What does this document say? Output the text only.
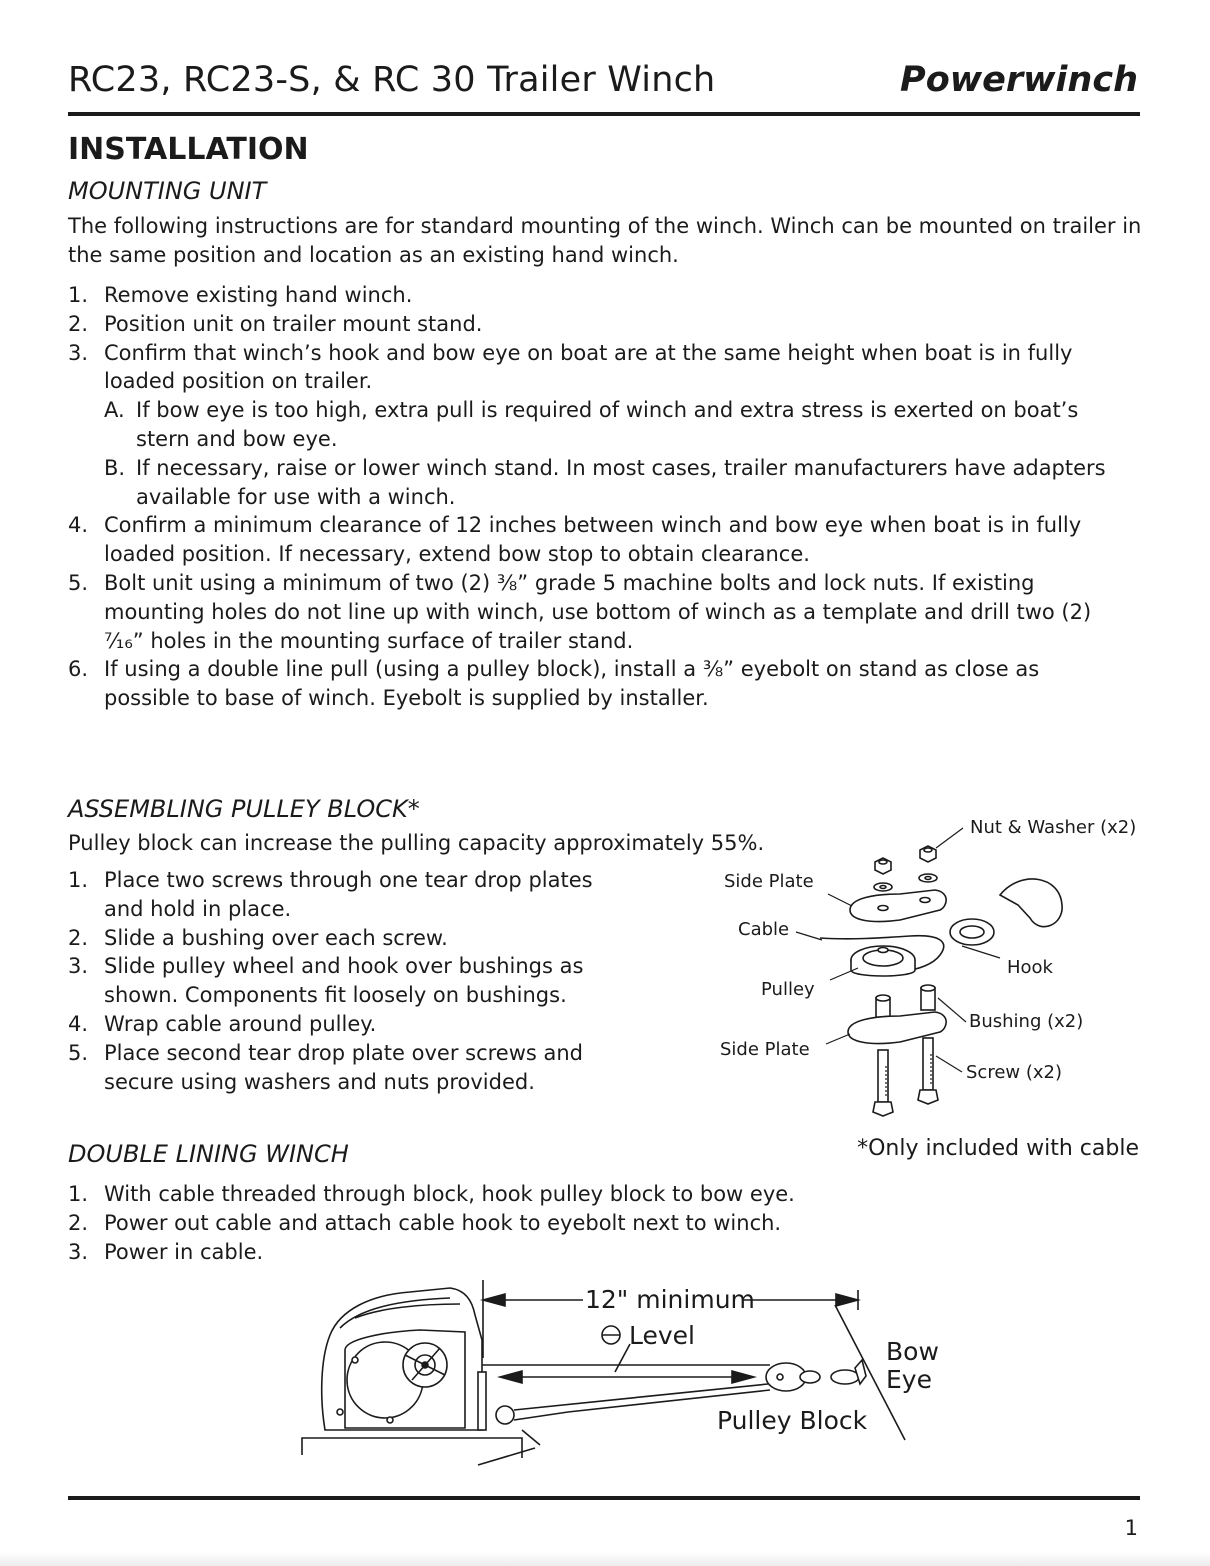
RC23, RC23-S, & RC 30 Trailer Winch	Powerwinch
INSTALLATION
MOUNTING UNIT
The following instructions are for standard mounting of the winch. Winch can be mounted on trailer in
the same position and location as an existing hand winch.
1. Remove existing hand winch.
2. Position unit on trailer mount stand.
3. Confirm that winch’s hook and bow eye on boat are at the same height when boat is in fully
loaded position on trailer.
A. If bow eye is too high, extra pull is required of winch and extra stress is exerted on boat’s
stern and bow eye.
B. If necessary, raise or lower winch stand. In most cases, trailer manufacturers have adapters
available for use with a winch.
4. Confirm a minimum clearance of 12 inches between winch and bow eye when boat is in fully
loaded position. If necessary, extend bow stop to obtain clearance.
5. Bolt unit using a minimum of two (2) ⅜” grade 5 machine bolts and lock nuts. If existing
mounting holes do not line up with winch, use bottom of winch as a template and drill two (2)
⁷⁄₁₆” holes in the mounting surface of trailer stand.
6. If using a double line pull (using a pulley block), install a ⅜” eyebolt on stand as close as
possible to base of winch. Eyebolt is supplied by installer.
ASSEMBLING PULLEY BLOCK*
Pulley block can increase the pulling capacity approximately 55%.
1. Place two screws through one tear drop plates
and hold in place.
2. Slide a bushing over each screw.
3. Slide pulley wheel and hook over bushings as
shown. Components fit loosely on bushings.
4. Wrap cable around pulley.
5. Place second tear drop plate over screws and
secure using washers and nuts provided.
Nut & Washer (x2)
Side Plate
Cable
Hook
Pulley
Bushing (x2)
Side Plate
Screw (x2)
*Only included with cable
DOUBLE LINING WINCH
1. With cable threaded through block, hook pulley block to bow eye.
2. Power out cable and attach cable hook to eyebolt next to winch.
3. Power in cable.
12" minimum
Level
Bow
Eye
Pulley Block
1
